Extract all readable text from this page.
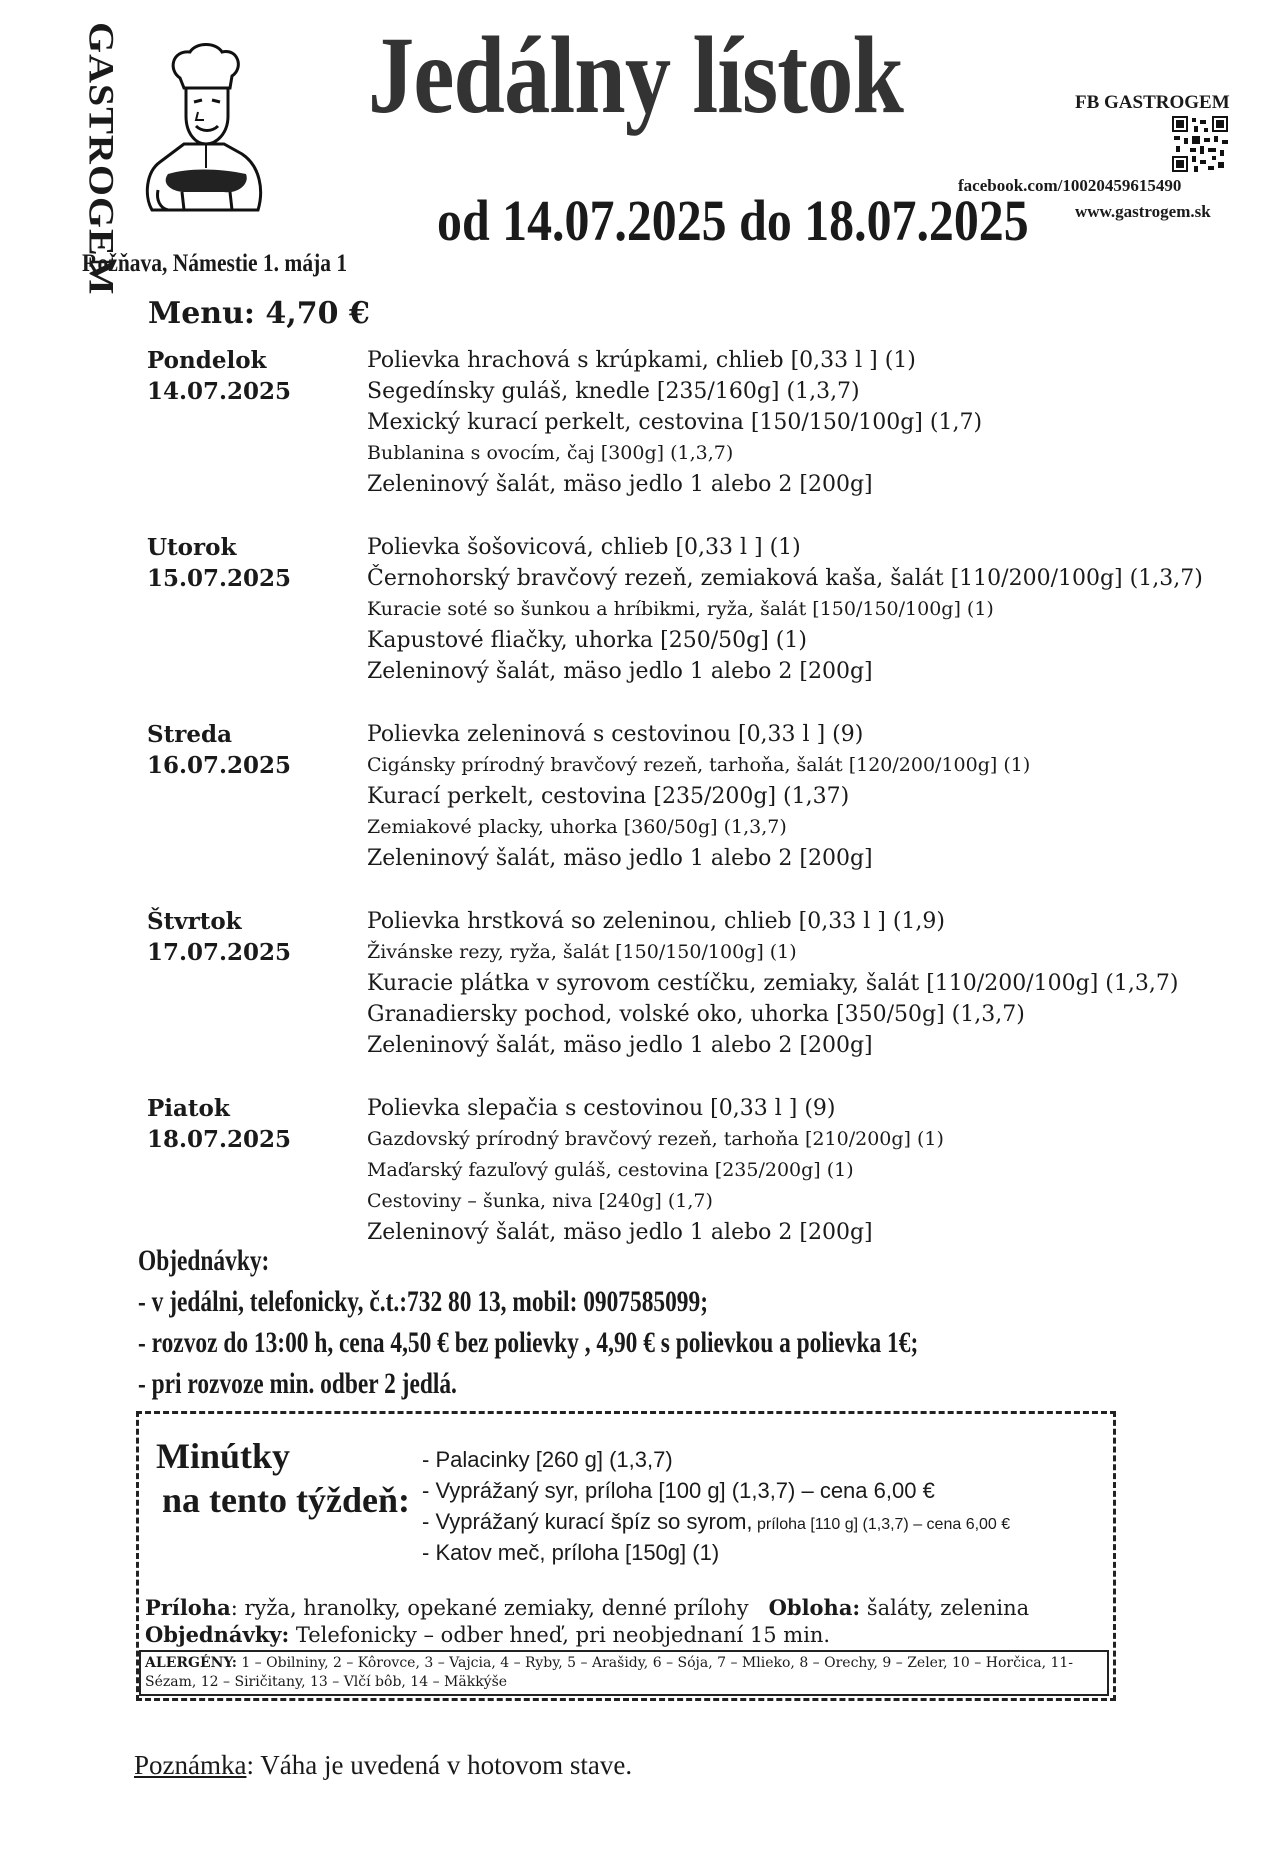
GASTROGEM
Rožňava, Námestie 1. mája 1
Jedálny lístok
od 14.07.2025 do 18.07.2025
FB GASTROGEM
facebook.com/100204596154​90
www.gastrogem.sk
Menu: 4,70 €
Pondelok
14.07.2025
Polievka hrachová s krúpkami, chlieb [0,33 l ] (1)
Segedínsky guláš, knedle [235/160g] (1,3,7)
Mexický kurací perkelt, cestovina [150/150/100g] (1,7)
Bublanina s ovocím, čaj [300g] (1,3,7)
Zeleninový šalát, mäso jedlo 1 alebo 2 [200g]
Utorok
15.07.2025
Polievka šošovicová, chlieb [0,33 l ] (1)
Černohorský bravčový rezeň, zemiaková kaša, šalát [110/200/100g] (1,3,7)
Kuracie soté so šunkou a hríbikmi, ryža, šalát [150/150/100g] (1)
Kapustové fliačky, uhorka [250/50g] (1)
Zeleninový šalát, mäso jedlo 1 alebo 2 [200g]
Streda
16.07.2025
Polievka zeleninová s cestovinou [0,33 l ] (9)
Cigánsky prírodný bravčový rezeň, tarhoňa, šalát [120/200/100g] (1)
Kurací perkelt, cestovina [235/200g] (1,37)
Zemiakové placky, uhorka [360/50g] (1,3,7)
Zeleninový šalát, mäso jedlo 1 alebo 2 [200g]
Štvrtok
17.07.2025
Polievka hrstková so zeleninou, chlieb [0,33 l ] (1,9)
Živánske rezy, ryža, šalát [150/150/100g] (1)
Kuracie plátka v syrovom cestíčku, zemiaky, šalát [110/200/100g] (1,3,7)
Granadiersky pochod, volské oko, uhorka [350/50g] (1,3,7)
Zeleninový šalát, mäso jedlo 1 alebo 2 [200g]
Piatok
18.07.2025
Polievka slepačia s cestovinou [0,33 l ] (9)
Gazdovský prírodný bravčový rezeň, tarhoňa [210/200g] (1)
Maďarský fazuľový guláš, cestovina [235/200g] (1)
Cestoviny – šunka, niva [240g] (1,7)
Zeleninový šalát, mäso jedlo 1 alebo 2 [200g]
Objednávky:
- v jedálni, telefonicky, č.t.:732 80 13, mobil: 0907585099;
- rozvoz do 13:00 h, cena 4,50 € bez polievky , 4,90 € s polievkou a polievka 1€;
- pri rozvoze min. odber 2 jedlá.
Minútky
na tento týždeň:
- Palacinky [260 g] (1,3,7)
- Vyprážaný syr, príloha [100 g] (1,3,7) – cena 6,00 €
- Vyprážaný kurací špíz so syrom, príloha [110 g] (1,3,7) – cena 6,00 €
- Katov meč, príloha [150g] (1)
Príloha: ryža, hranolky, opekané zemiaky, denné prílohy Obloha: šaláty, zelenina
Objednávky: Telefonicky – odber hneď, pri neobjednaní 15 min.
ALERGÉNY: 1 – Obilniny, 2 – Kôrovce, 3 – Vajcia, 4 – Ryby, 5 – Arašidy, 6 – Sója, 7 – Mlieko, 8 – Orechy, 9 – Zeler, 10 – Horčica, 11- Sézam, 12 – Siričitany, 13 – Vlčí bôb, 14 – Mäkkýše
Poznámka: Váha je uvedená v hotovom stave.
